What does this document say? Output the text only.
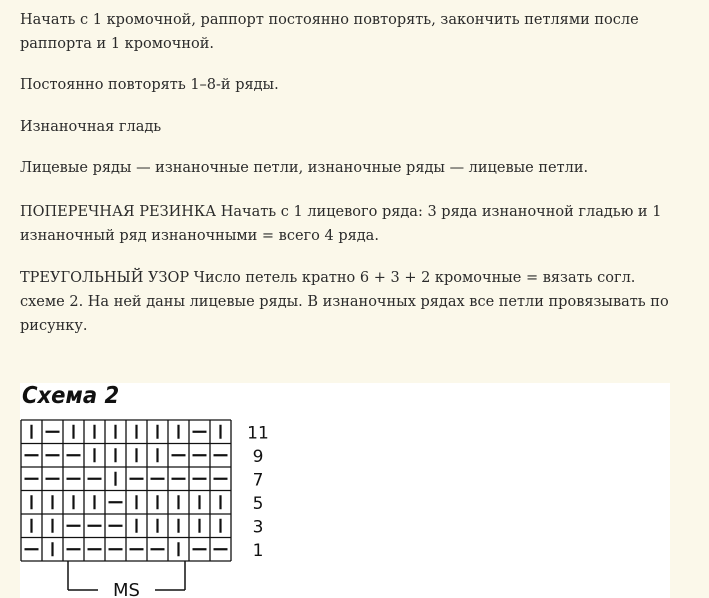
Начать с 1 кромочной, раппорт постоянно повторять, закончить петлями после раппорта и 1 кромочной.

Постоянно повторять 1–8-й ряды.

Изнаночная гладь

Лицевые ряды — изнаночные петли, изнаночные ряды — лицевые петли.

ПОПЕРЕЧНАЯ РЕЗИНКА Начать с 1 лицевого ряда: 3 ряда изнаночной гладью и 1 изнаночный ряд изнаночными = всего 4 ряда.

ТРЕУГОЛЬНЫЙ УЗОР Число петель кратно 6 + 3 + 2 кромочные = вязать согл. схеме 2. На ней даны лицевые ряды. В изнаночных рядах все петли провязывать по рисунку.

Схема 2
11
9
7
5
3
1
MS
